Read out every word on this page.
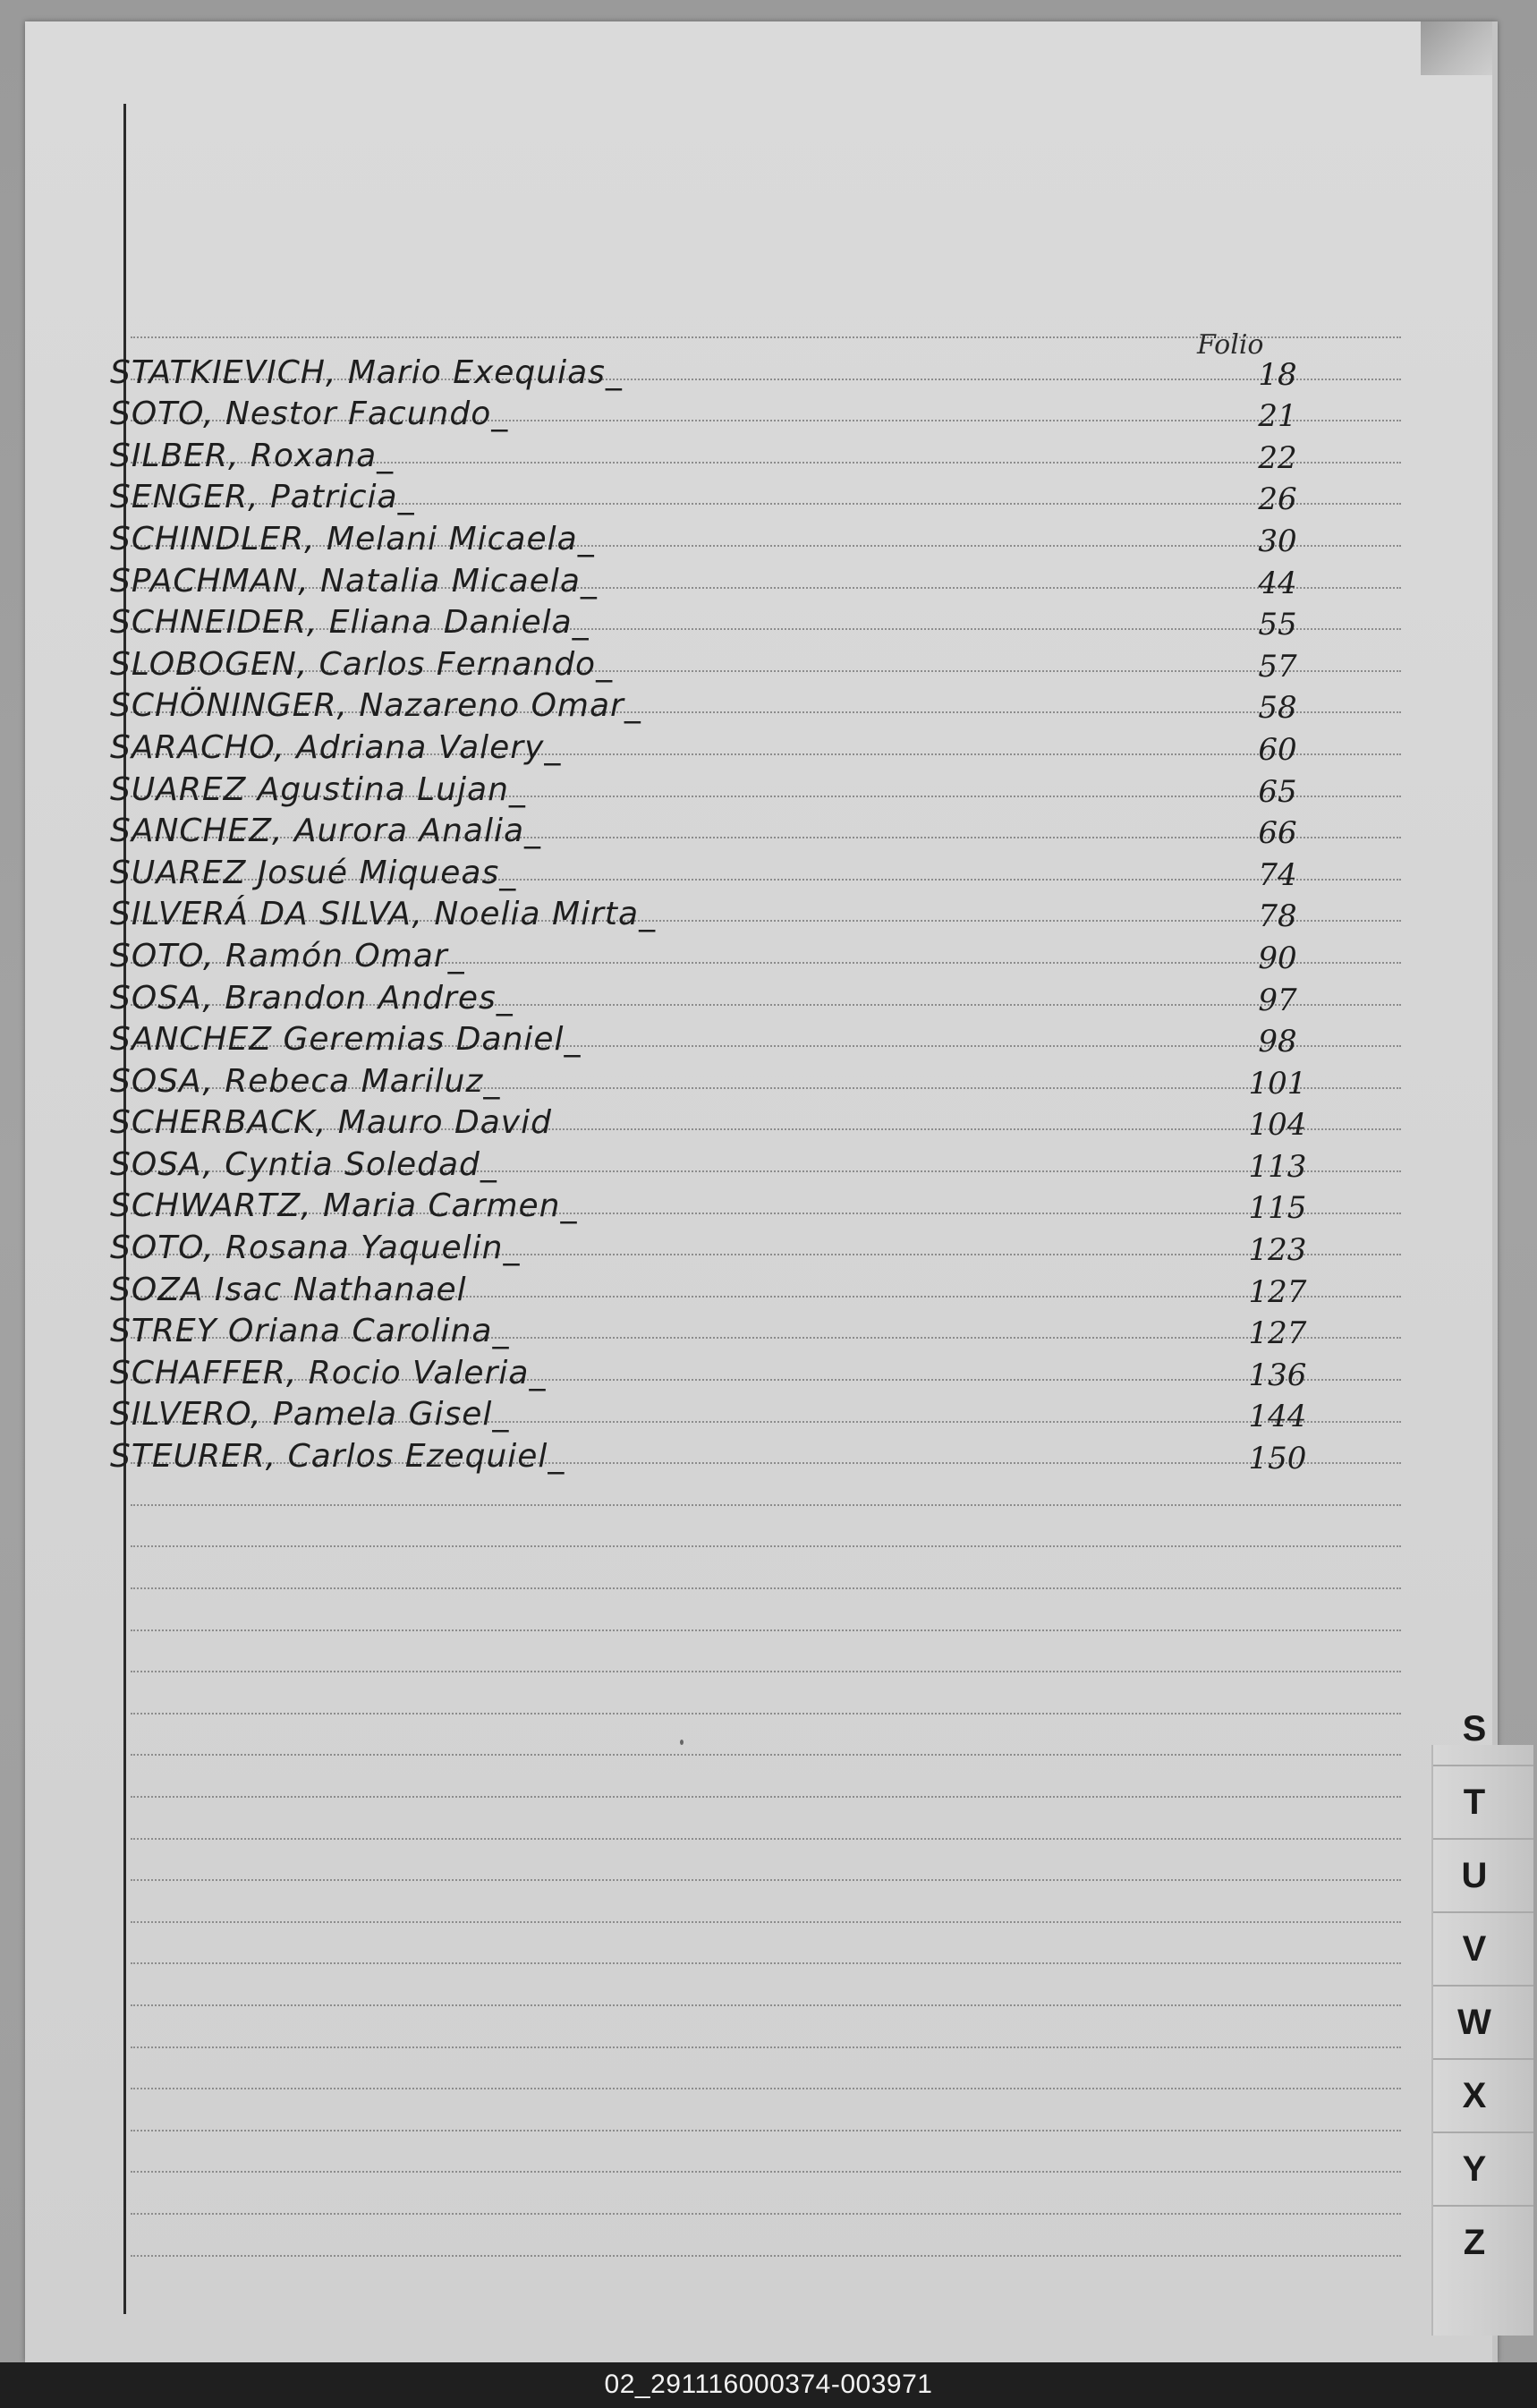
Folio
STATKIEVICH, Mario Exequias_	18
SOTO, Nestor Facundo_	21
SILBER, Roxana_	22
SENGER, Patricia_	26
SCHINDLER, Melani Micaela_	30
SPACHMAN, Natalia Micaela_	44
SCHNEIDER, Eliana Daniela_	55
SLOBOGEN, Carlos Fernando_	57
SCHÖNINGER, Nazareno Omar_	58
SARACHO, Adriana Valery_	60
SUAREZ Agustina Lujan_	65
SANCHEZ, Aurora Analia_	66
SUAREZ Josué Miqueas_	74
SILVERÁ DA SILVA, Noelia Mirta_	78
SOTO, Ramón Omar_	90
SOSA, Brandon Andres_	97
SANCHEZ Geremias Daniel_	98
SOSA, Rebeca Mariluz_	101
SCHERBACK, Mauro David	104
SOSA, Cyntia Soledad_	113
SCHWARTZ, Maria Carmen_	115
SOTO, Rosana Yaquelin_	123
SOZA Isac Nathanael	127
STREY Oriana Carolina_	127
SCHAFFER, Rocio Valeria_	136
SILVERO, Pamela Gisel_	144
STEURER, Carlos Ezequiel_	150
S
T
U
V
W
X
Y
Z
02_291116000374-003971
